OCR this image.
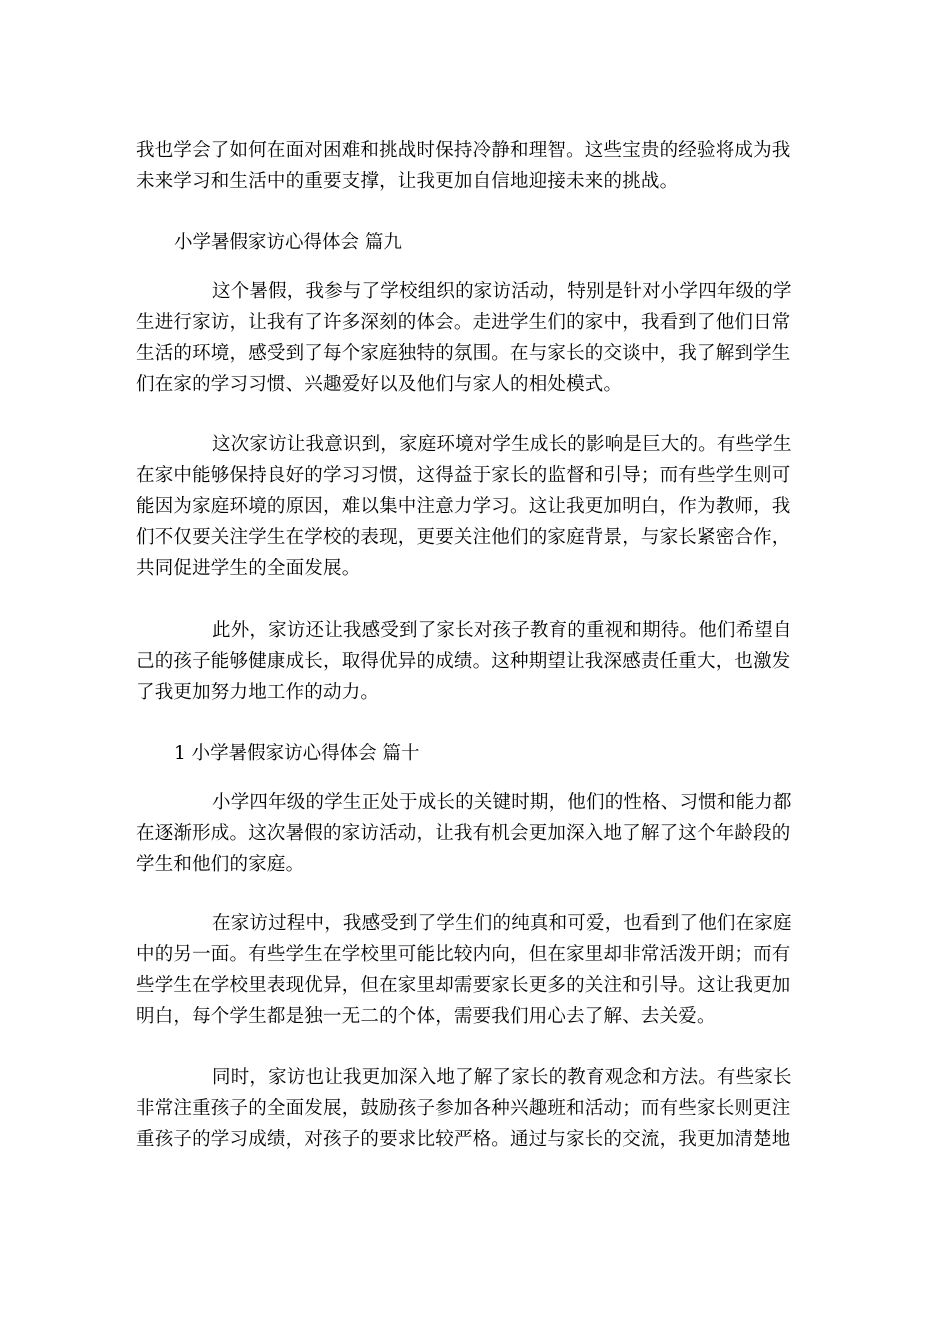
我也学会了如何在面对困难和挑战时保持冷静和理智。这些宝贵的经验将成为我
未来学习和生活中的重要支撑，让我更加自信地迎接未来的挑战。

小学暑假家访心得体会 篇九

这个暑假，我参与了学校组织的家访活动，特别是针对小学四年级的学
生进行家访，让我有了许多深刻的体会。走进学生们的家中，我看到了他们日常
生活的环境，感受到了每个家庭独特的氛围。在与家长的交谈中，我了解到学生
们在家的学习习惯、兴趣爱好以及他们与家人的相处模式。

这次家访让我意识到，家庭环境对学生成长的影响是巨大的。有些学生
在家中能够保持良好的学习习惯，这得益于家长的监督和引导；而有些学生则可
能因为家庭环境的原因，难以集中注意力学习。这让我更加明白，作为教师，我
们不仅要关注学生在学校的表现，更要关注他们的家庭背景，与家长紧密合作，
共同促进学生的全面发展。

此外，家访还让我感受到了家长对孩子教育的重视和期待。他们希望自
己的孩子能够健康成长，取得优异的成绩。这种期望让我深感责任重大，也激发
了我更加努力地工作的动力。

1 小学暑假家访心得体会 篇十

小学四年级的学生正处于成长的关键时期，他们的性格、习惯和能力都
在逐渐形成。这次暑假的家访活动，让我有机会更加深入地了解了这个年龄段的
学生和他们的家庭。

在家访过程中，我感受到了学生们的纯真和可爱，也看到了他们在家庭
中的另一面。有些学生在学校里可能比较内向，但在家里却非常活泼开朗；而有
些学生在学校里表现优异，但在家里却需要家长更多的关注和引导。这让我更加
明白，每个学生都是独一无二的个体，需要我们用心去了解、去关爱。

同时，家访也让我更加深入地了解了家长的教育观念和方法。有些家长
非常注重孩子的全面发展，鼓励孩子参加各种兴趣班和活动；而有些家长则更注
重孩子的学习成绩，对孩子的要求比较严格。通过与家长的交流，我更加清楚地
